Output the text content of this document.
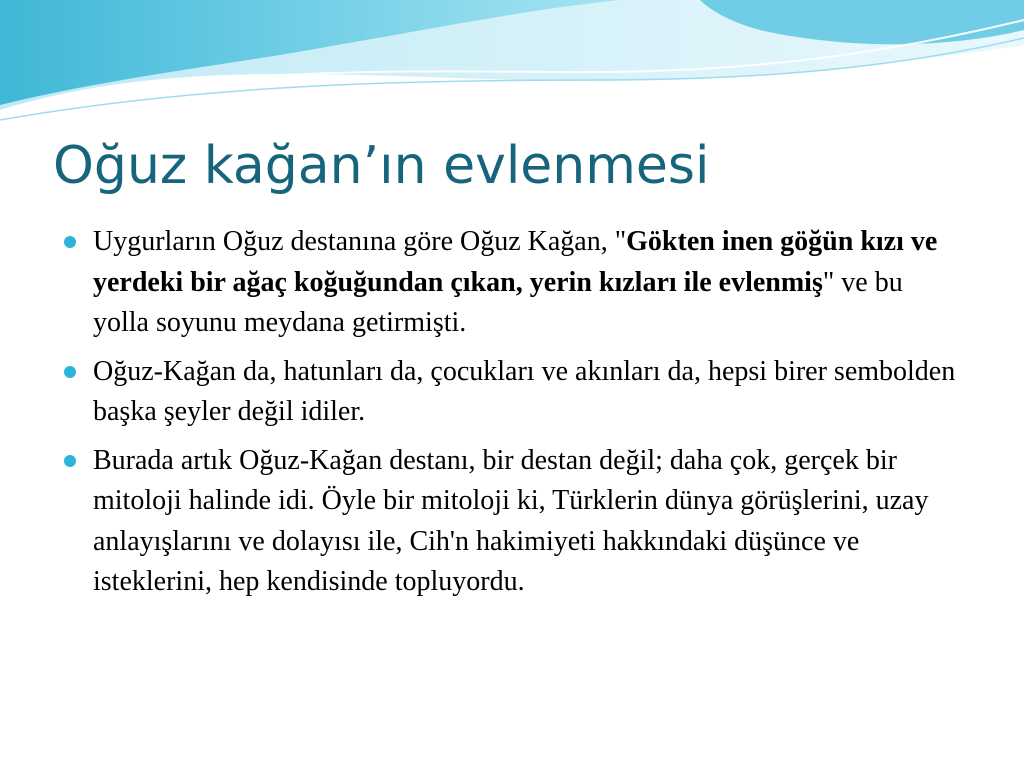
Oğuz kağan’ın evlenmesi
Uygurların Oğuz destanına göre Oğuz Kağan, "Gökten inen göğün kızı ve yerdeki bir ağaç koğuğundan çıkan, yerin kızları ile evlenmiş" ve bu yolla soyunu meydana getirmişti.
Oğuz-Kağan da, hatunları da, çocukları ve akınları da, hepsi birer sembolden başka şeyler değil idiler.
Burada artık Oğuz-Kağan destanı, bir destan değil; daha çok, gerçek bir mitoloji halinde idi. Öyle bir mitoloji ki, Türklerin dünya görüşlerini, uzay anlayışlarını ve dolayısı ile, Cih'n hakimiyeti hakkındaki düşünce ve isteklerini, hep kendisinde topluyordu.
